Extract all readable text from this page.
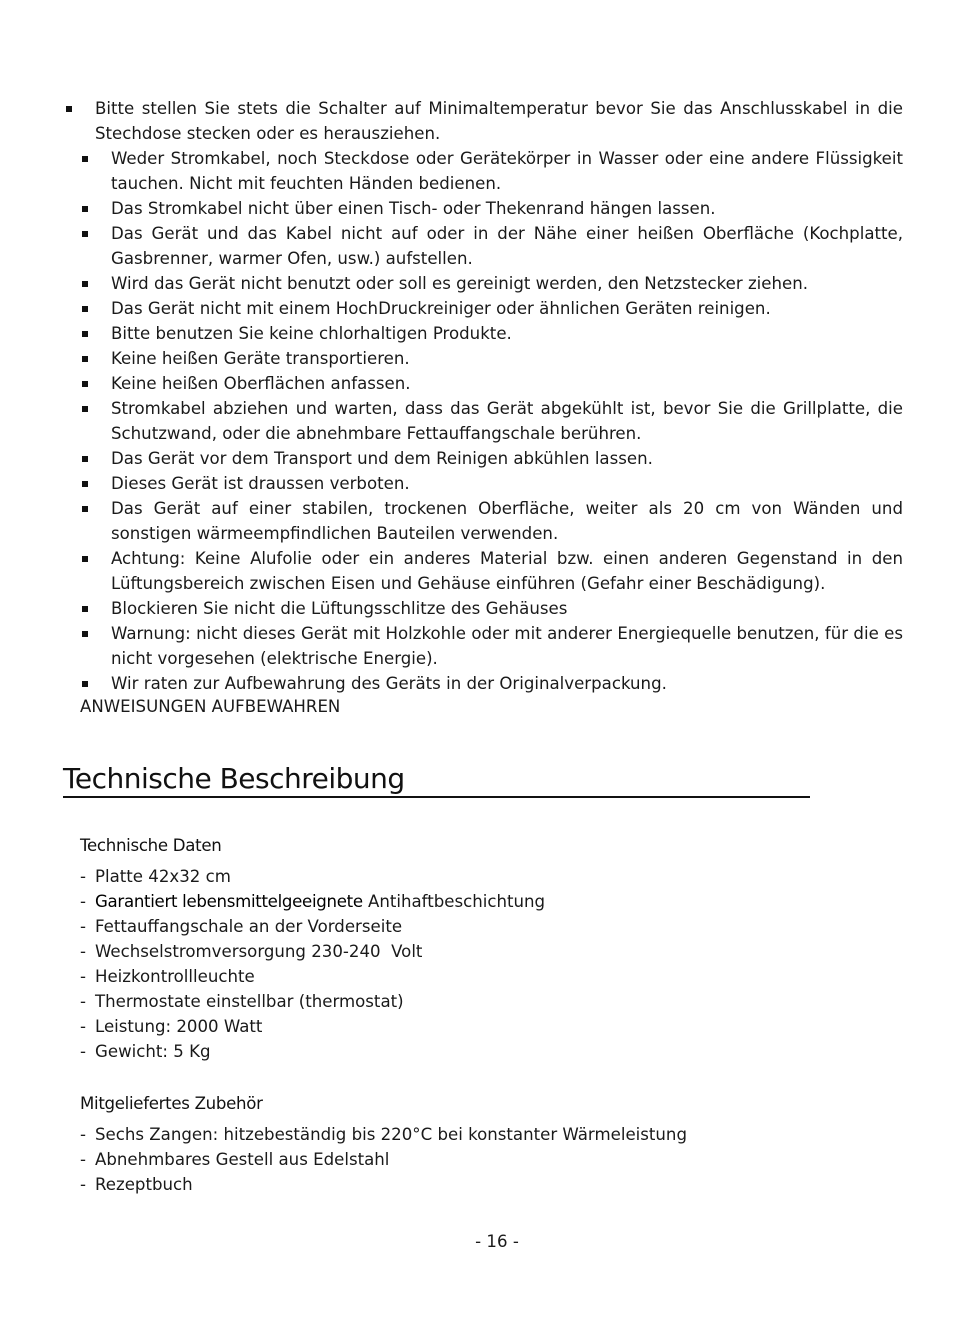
Bitte stellen Sie stets die Schalter auf Minimaltemperatur bevor Sie das Anschlusskabel in die Stechdose stecken oder es herausziehen.
Weder Stromkabel, noch Steckdose oder Gerätekörper in Wasser oder eine andere Flüssigkeit tauchen. Nicht mit feuchten Händen bedienen.
Das Stromkabel nicht über einen Tisch- oder Thekenrand hängen lassen.
Das Gerät und das Kabel nicht auf oder in der Nähe einer heißen Oberfläche (Kochplatte, Gasbrenner, warmer Ofen, usw.) aufstellen.
Wird das Gerät nicht benutzt oder soll es gereinigt werden, den Netzstecker ziehen.
Das Gerät nicht mit einem HochDruckreiniger oder ähnlichen Geräten reinigen.
Bitte benutzen Sie keine chlorhaltigen Produkte.
Keine heißen Geräte transportieren.
Keine heißen Oberflächen anfassen.
Stromkabel abziehen und warten, dass das Gerät abgekühlt ist, bevor Sie die Grillplatte, die Schutzwand, oder die abnehmbare Fettauffangschale berühren.
Das Gerät vor dem Transport und dem Reinigen abkühlen lassen.
Dieses Gerät ist draussen verboten.
Das Gerät auf einer stabilen, trockenen Oberfläche, weiter als 20 cm von Wänden und sonstigen wärmeempfindlichen Bauteilen verwenden.
Achtung: Keine Alufolie oder ein anderes Material bzw. einen anderen Gegenstand in den Lüftungsbereich zwischen Eisen und Gehäuse einführen (Gefahr einer Beschädigung).
Blockieren Sie nicht die Lüftungsschlitze des Gehäuses
Warnung: nicht dieses Gerät mit Holzkohle oder mit anderer Energiequelle benutzen, für die es nicht vorgesehen (elektrische Energie).
Wir raten zur Aufbewahrung des Geräts in der Originalverpackung.
ANWEISUNGEN AUFBEWAHREN
Technische Beschreibung
Technische Daten
- Platte 42x32 cm
- Garantiert lebensmittelgeeignete Antihaftbeschichtung
- Fettauffangschale an der Vorderseite
- Wechselstromversorgung 230-240  Volt
- Heizkontrollleuchte
- Thermostate einstellbar (thermostat)
- Leistung: 2000 Watt
- Gewicht: 5 Kg
Mitgeliefertes Zubehör
- Sechs Zangen: hitzebeständig bis 220°C bei konstanter Wärmeleistung
- Abnehmbares Gestell aus Edelstahl
- Rezeptbuch
- 16 -
